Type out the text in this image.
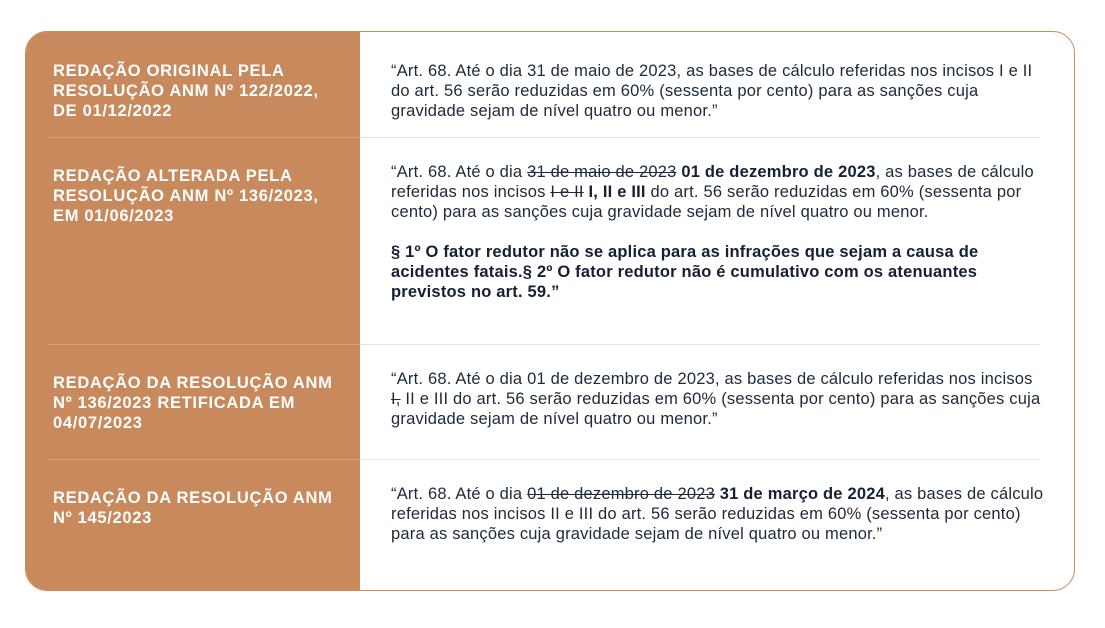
REDAÇÃO ORIGINAL PELA RESOLUÇÃO ANM Nº 122/2022, DE 01/12/2022

“Art. 68. Até o dia 31 de maio de 2023, as bases de cálculo referidas nos incisos I e II do art. 56 serão reduzidas em 60% (sessenta por cento) para as sanções cuja gravidade sejam de nível quatro ou menor.”

REDAÇÃO ALTERADA PELA RESOLUÇÃO ANM Nº 136/2023, EM 01/06/2023

“Art. 68. Até o dia 31 de maio de 2023 01 de dezembro de 2023, as bases de cálculo referidas nos incisos I e II I, II e III do art. 56 serão reduzidas em 60% (sessenta por cento) para as sanções cuja gravidade sejam de nível quatro ou menor.

§ 1º O fator redutor não se aplica para as infrações que sejam a causa de acidentes fatais.§ 2º O fator redutor não é cumulativo com os atenuantes previstos no art. 59.”

REDAÇÃO DA RESOLUÇÃO ANM Nº 136/2023 RETIFICADA EM 04/07/2023

“Art. 68. Até o dia 01 de dezembro de 2023, as bases de cálculo referidas nos incisos I, II e III do art. 56 serão reduzidas em 60% (sessenta por cento) para as sanções cuja gravidade sejam de nível quatro ou menor.”

REDAÇÃO DA RESOLUÇÃO ANM Nº 145/2023

“Art. 68. Até o dia 01 de dezembro de 2023 31 de março de 2024, as bases de cálculo referidas nos incisos II e III do art. 56 serão reduzidas em 60% (sessenta por cento) para as sanções cuja gravidade sejam de nível quatro ou menor.”
